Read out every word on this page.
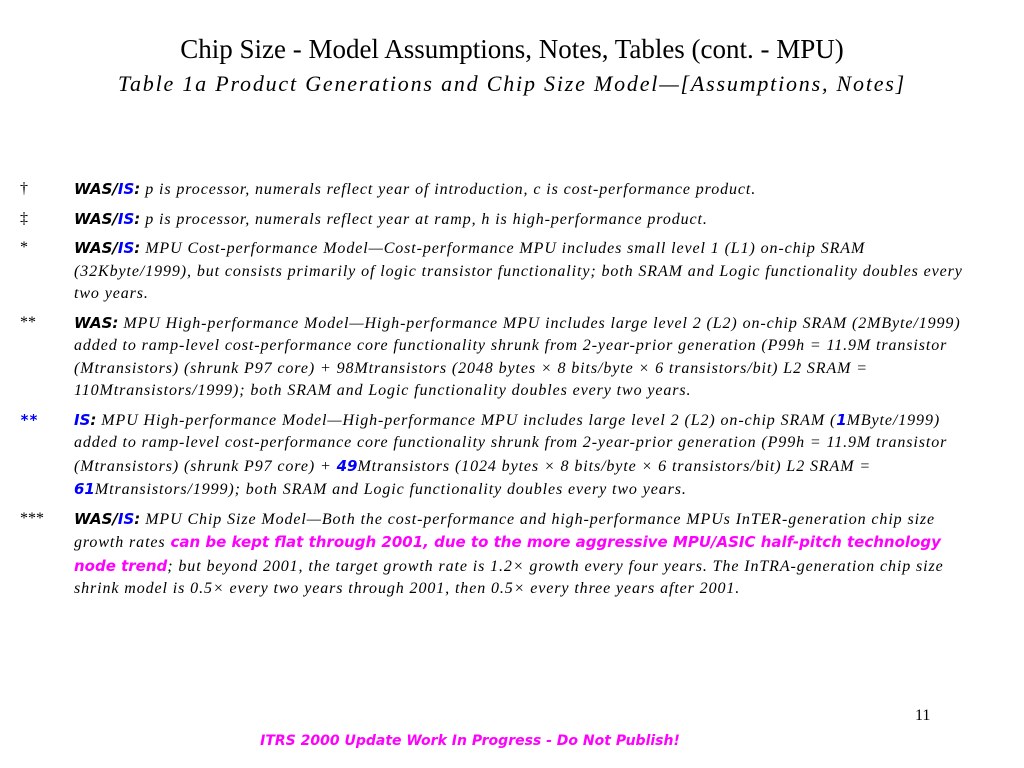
Chip Size - Model Assumptions, Notes, Tables (cont. - MPU)
Table 1a Product Generations and Chip Size Model—[Assumptions, Notes]
†	WAS/IS: p is processor, numerals reflect year of introduction, c is cost-performance product.
‡	WAS/IS: p is processor, numerals reflect year at ramp, h is high-performance product.
*	WAS/IS: MPU Cost-performance Model—Cost-performance MPU includes small level 1 (L1) on-chip SRAM (32Kbyte/1999), but consists primarily of logic transistor functionality; both SRAM and Logic functionality doubles every two years.
**	WAS: MPU High-performance Model—High-performance MPU includes large level 2 (L2) on-chip SRAM (2MByte/1999) added to ramp-level cost-performance core functionality shrunk from 2-year-prior generation (P99h = 11.9M transistor (Mtransistors) (shrunk P97 core) + 98Mtransistors (2048 bytes × 8 bits/byte × 6 transistors/bit) L2 SRAM = 110Mtransistors/1999); both SRAM and Logic functionality doubles every two years.
** IS: MPU High-performance Model—High-performance MPU includes large level 2 (L2) on-chip SRAM (1MByte/1999) added to ramp-level cost-performance core functionality shrunk from 2-year-prior generation (P99h = 11.9M transistor (Mtransistors) (shrunk P97 core) + 49Mtransistors (1024 bytes × 8 bits/byte × 6 transistors/bit) L2 SRAM = 61Mtransistors/1999); both SRAM and Logic functionality doubles every two years.
*** WAS/IS: MPU Chip Size Model—Both the cost-performance and high-performance MPUs InTER-generation chip size growth rates can be kept flat through 2001, due to the more aggressive MPU/ASIC half-pitch technology node trend; but beyond 2001, the target growth rate is 1.2× growth every four years. The InTRA-generation chip size shrink model is 0.5× every two years through 2001, then 0.5× every three years after 2001.
11
ITRS 2000 Update Work In Progress - Do Not Publish!
